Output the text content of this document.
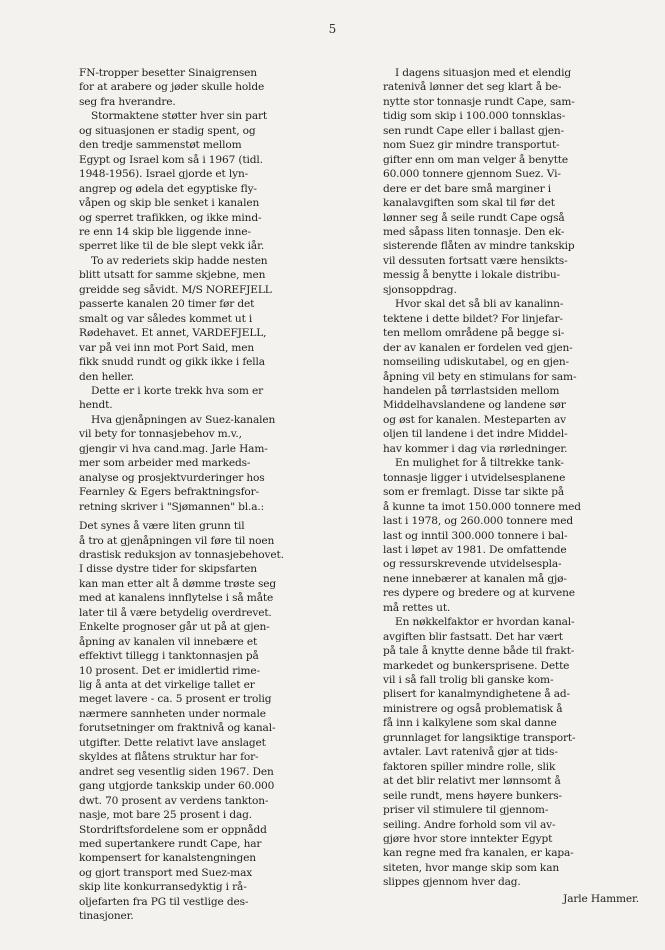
5
FN-tropper besetter Sinaigrensen
for at arabere og jøder skulle holde
seg fra hverandre.
Stormaktene støtter hver sin part
og situasjonen er stadig spent, og
den tredje sammenstøt mellom
Egypt og Israel kom så i 1967 (tidl.
1948-1956). Israel gjorde et lyn-
angrep og ødela det egyptiske fly-
våpen og skip ble senket i kanalen
og sperret trafikken, og ikke mind-
re enn 14 skip ble liggende inne-
sperret like til de ble slept vekk iår.
To av rederiets skip hadde nesten
blitt utsatt for samme skjebne, men
greidde seg såvidt. M/S NOREFJELL
passerte kanalen 20 timer før det
smalt og var således kommet ut i
Rødehavet. Et annet, VARDEFJELL,
var på vei inn mot Port Said, men
fikk snudd rundt og gikk ikke i fella
den heller.
Dette er i korte trekk hva som er
hendt.
Hva gjenåpningen av Suez-kanalen
vil bety for tonnasjebehov m.v.,
gjengir vi hva cand.mag. Jarle Ham-
mer som arbeider med markeds-
analyse og prosjektvurderinger hos
Fearnley & Egers befraktningsfor-
retning skriver i "Sjømannen" bl.a.:
Det synes å være liten grunn til
å tro at gjenåpningen vil føre til noen
drastisk reduksjon av tonnasjebehovet.
I disse dystre tider for skipsfarten
kan man etter alt å dømme trøste seg
med at kanalens innflytelse i så måte
later til å være betydelig overdrevet.
Enkelte prognoser går ut på at gjen-
åpning av kanalen vil innebære et
effektivt tillegg i tanktonnasjen på
10 prosent. Det er imidlertid rime-
lig å anta at det virkelige tallet er
meget lavere - ca. 5 prosent er trolig
nærmere sannheten under normale
forutsetninger om fraktnivå og kanal-
utgifter. Dette relativt lave anslaget
skyldes at flåtens struktur har for-
andret seg vesentlig siden 1967. Den
gang utgjorde tankskip under 60.000
dwt. 70 prosent av verdens tankton-
nasje, mot bare 25 prosent i dag.
Stordriftsfordelene som er oppnådd
med supertankere rundt Cape, har
kompensert for kanalstengningen
og gjort transport med Suez-max
skip lite konkurransedyktig i rå-
oljefarten fra PG til vestlige des-
tinasjoner.
I dagens situasjon med et elendig
ratenivå lønner det seg klart å be-
nytte stor tonnasje rundt Cape, sam-
tidig som skip i 100.000 tonnsklas-
sen rundt Cape eller i ballast gjen-
nom Suez gir mindre transportut-
gifter enn om man velger å benytte
60.000 tonnere gjennom Suez. Vi-
dere er det bare små marginer i
kanalavgiften som skal til før det
lønner seg å seile rundt Cape også
med såpass liten tonnasje. Den ek-
sisterende flåten av mindre tankskip
vil dessuten fortsatt være hensikts-
messig å benytte i lokale distribu-
sjonsoppdrag.
Hvor skal det så bli av kanalinn-
tektene i dette bildet? For linjefar-
ten mellom områdene på begge si-
der av kanalen er fordelen ved gjen-
nomseiling udiskutabel, og en gjen-
åpning vil bety en stimulans for sam-
handelen på tørrlastsiden mellom
Middelhavslandene og landene sør
og øst for kanalen. Mesteparten av
oljen til landene i det indre Middel-
hav kommer i dag via rørledninger.
En mulighet for å tiltrekke tank-
tonnasje ligger i utvidelsesplanene
som er fremlagt. Disse tar sikte på
å kunne ta imot 150.000 tonnere med
last i 1978, og 260.000 tonnere med
last og inntil 300.000 tonnere i bal-
last i løpet av 1981. De omfattende
og ressurskrevende utvidelsespla-
nene innebærer at kanalen må gjø-
res dypere og bredere og at kurvene
må rettes ut.
En nøkkelfaktor er hvordan kanal-
avgiften blir fastsatt. Det har vært
på tale å knytte denne både til frakt-
markedet og bunkersprisene. Dette
vil i så fall trolig bli ganske kom-
plisert for kanalmyndighetene å ad-
ministrere og også problematisk å
få inn i kalkylene som skal danne
grunnlaget for langsiktige transport-
avtaler. Lavt ratenivå gjør at tids-
faktoren spiller mindre rolle, slik
at det blir relativt mer lønnsomt å
seile rundt, mens høyere bunkers-
priser vil stimulere til gjennom-
seiling. Andre forhold som vil av-
gjøre hvor store inntekter Egypt
kan regne med fra kanalen, er kapa-
siteten, hvor mange skip som kan
slippes gjennom hver dag.
Jarle Hammer.
